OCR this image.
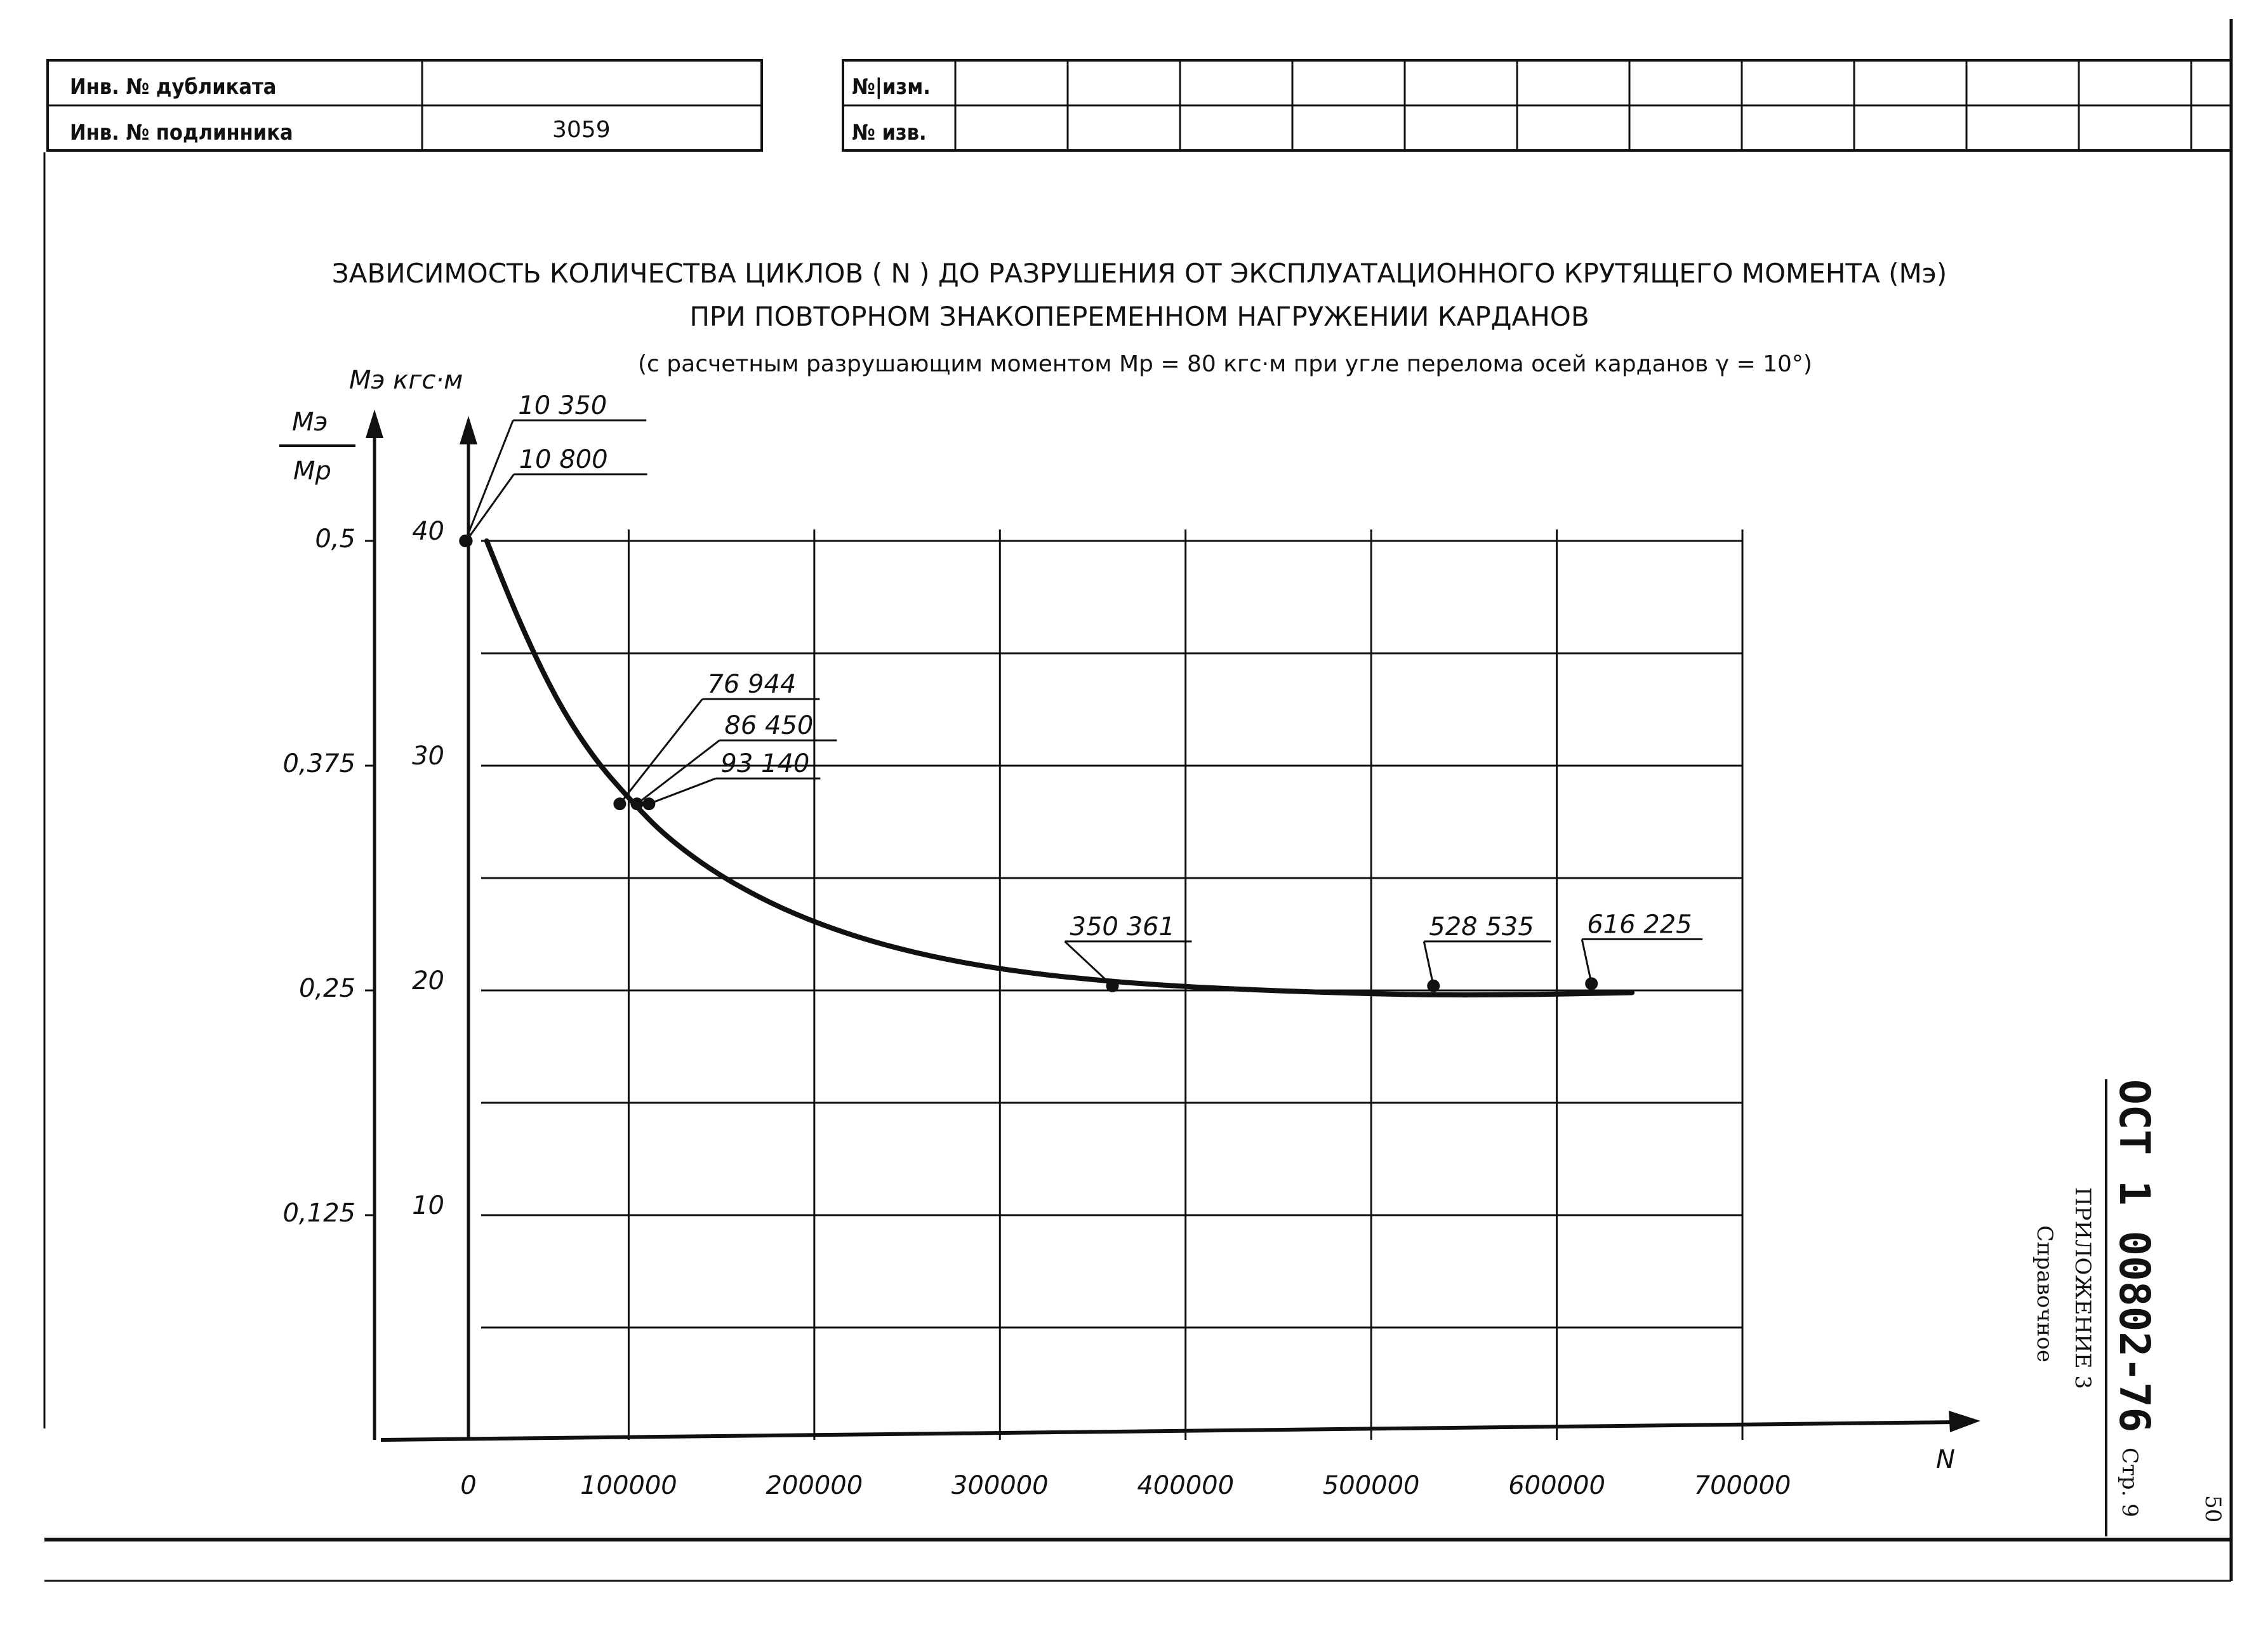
Инв. № дубликата
Инв. № подлинника	3059
№|изм.
№ изв.
ЗАВИСИМОСТЬ КОЛИЧЕСТВА ЦИКЛОВ ( N ) ДО РАЗРУШЕНИЯ ОТ ЭКСПЛУАТАЦИОННОГО КРУТЯЩЕГО МОМЕНТА (Mэ)
ПРИ ПОВТОРНОМ ЗНАКОПЕРЕМЕННОМ НАГРУЖЕНИИ КАРДАНОВ
(с расчетным разрушающим моментом Mp = 80 кгс·м при угле перелома осей карданов γ = 10°)
Mэ кгс·м
Mэ
Mp
N
0	100000	200000	300000	400000	500000	600000	700000
10
20
30
40
0,125
0,25
0,375
0,5
10 350
10 800
76 944
86 450
93 140
350 361	528 535 616 225
ОСТ 1 00802-76
Стр. 9
ПРИЛОЖЕНИЕ 3
Справочное
50
